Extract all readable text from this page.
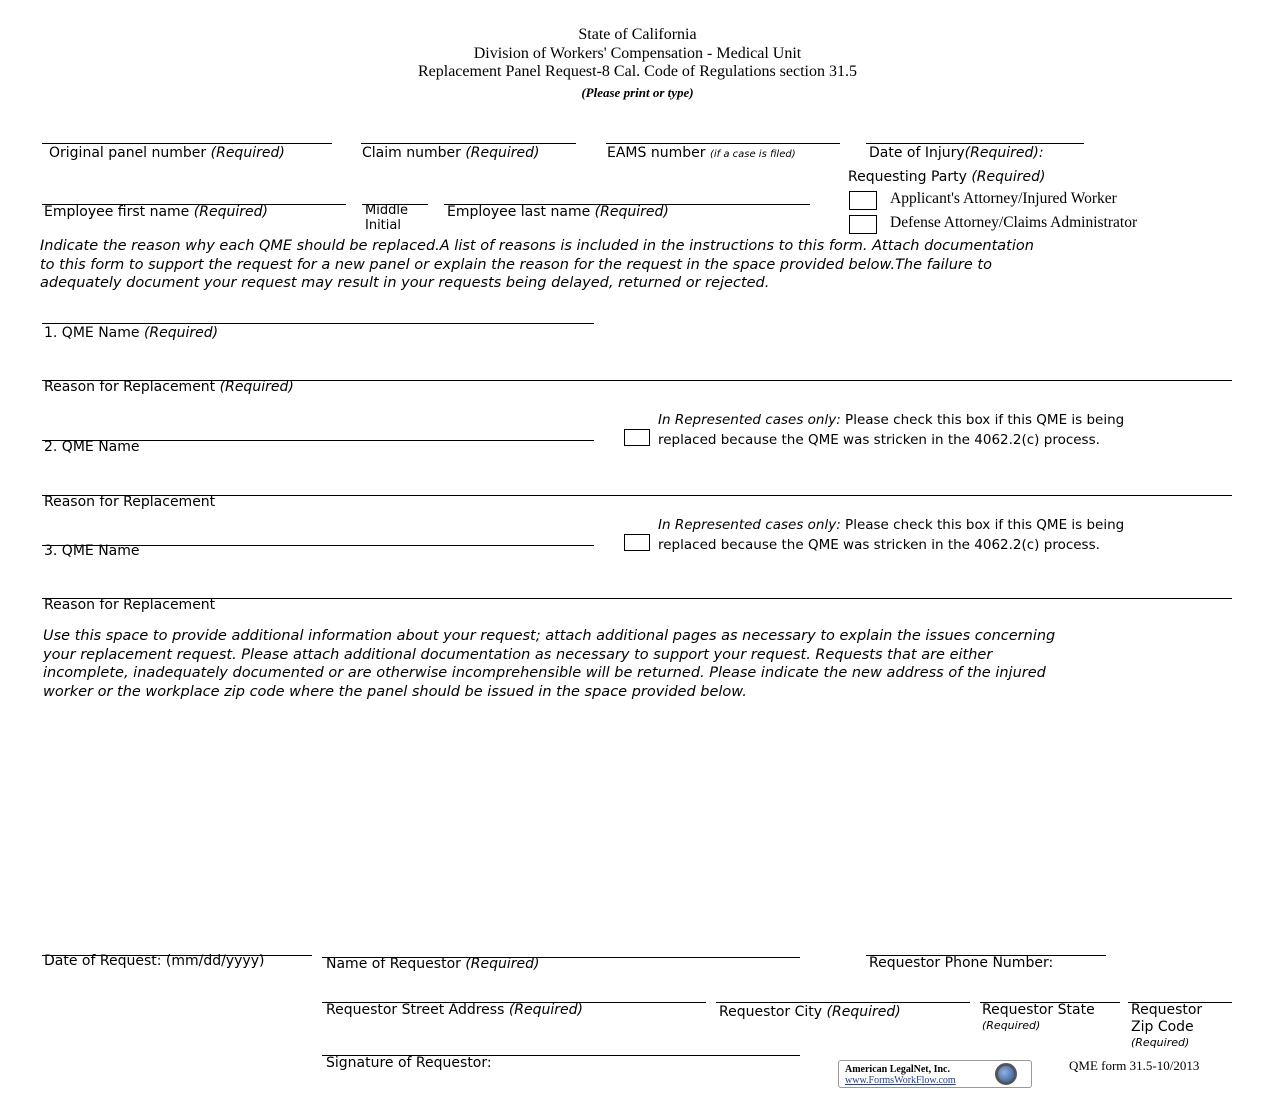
State of California
Division of Workers' Compensation - Medical Unit
Replacement Panel Request-8 Cal. Code of Regulations section 31.5
(Please print or type)
Original panel number (Required)	Claim number (Required)	EAMS number (if a case is filed)	Date of Injury(Required):
Employee first name (Required)	Middle
Initial
Employee last name (Required)
Requesting Party (Required)
Applicant's Attorney/Injured Worker
Defense Attorney/Claims Administrator
Indicate the reason why each QME should be replaced.A list of reasons is included in the instructions to this form. Attach documentation
to this form to support the request for a new panel or explain the reason for the request in the space provided below.The failure to
adequately document your request may result in your requests being delayed, returned or rejected.
1. QME Name (Required)
Reason for Replacement (Required)
2. QME Name
In Represented cases only: Please check this box if this QME is being
replaced because the QME was stricken in the 4062.2(c) process.
Reason for Replacement
3. QME Name
In Represented cases only: Please check this box if this QME is being
replaced because the QME was stricken in the 4062.2(c) process.
Reason for Replacement
Use this space to provide additional information about your request; attach additional pages as necessary to explain the issues concerning
your replacement request. Please attach additional documentation as necessary to support your request. Requests that are either
incomplete, inadequately documented or are otherwise incomprehensible will be returned. Please indicate the new address of the injured
worker or the workplace zip code where the panel should be issued in the space provided below.
Date of Request: (mm/dd/yyyy)	Name of Requestor (Required)	Requestor Phone Number:
Requestor Street Address (Required)	Requestor City (Required)	Requestor State
(Required)
Requestor
Zip Code
(Required)
Signature of Requestor:	American LegalNet, Inc.
www.FormsWorkFlow.com
QME form 31.5-10/2013
